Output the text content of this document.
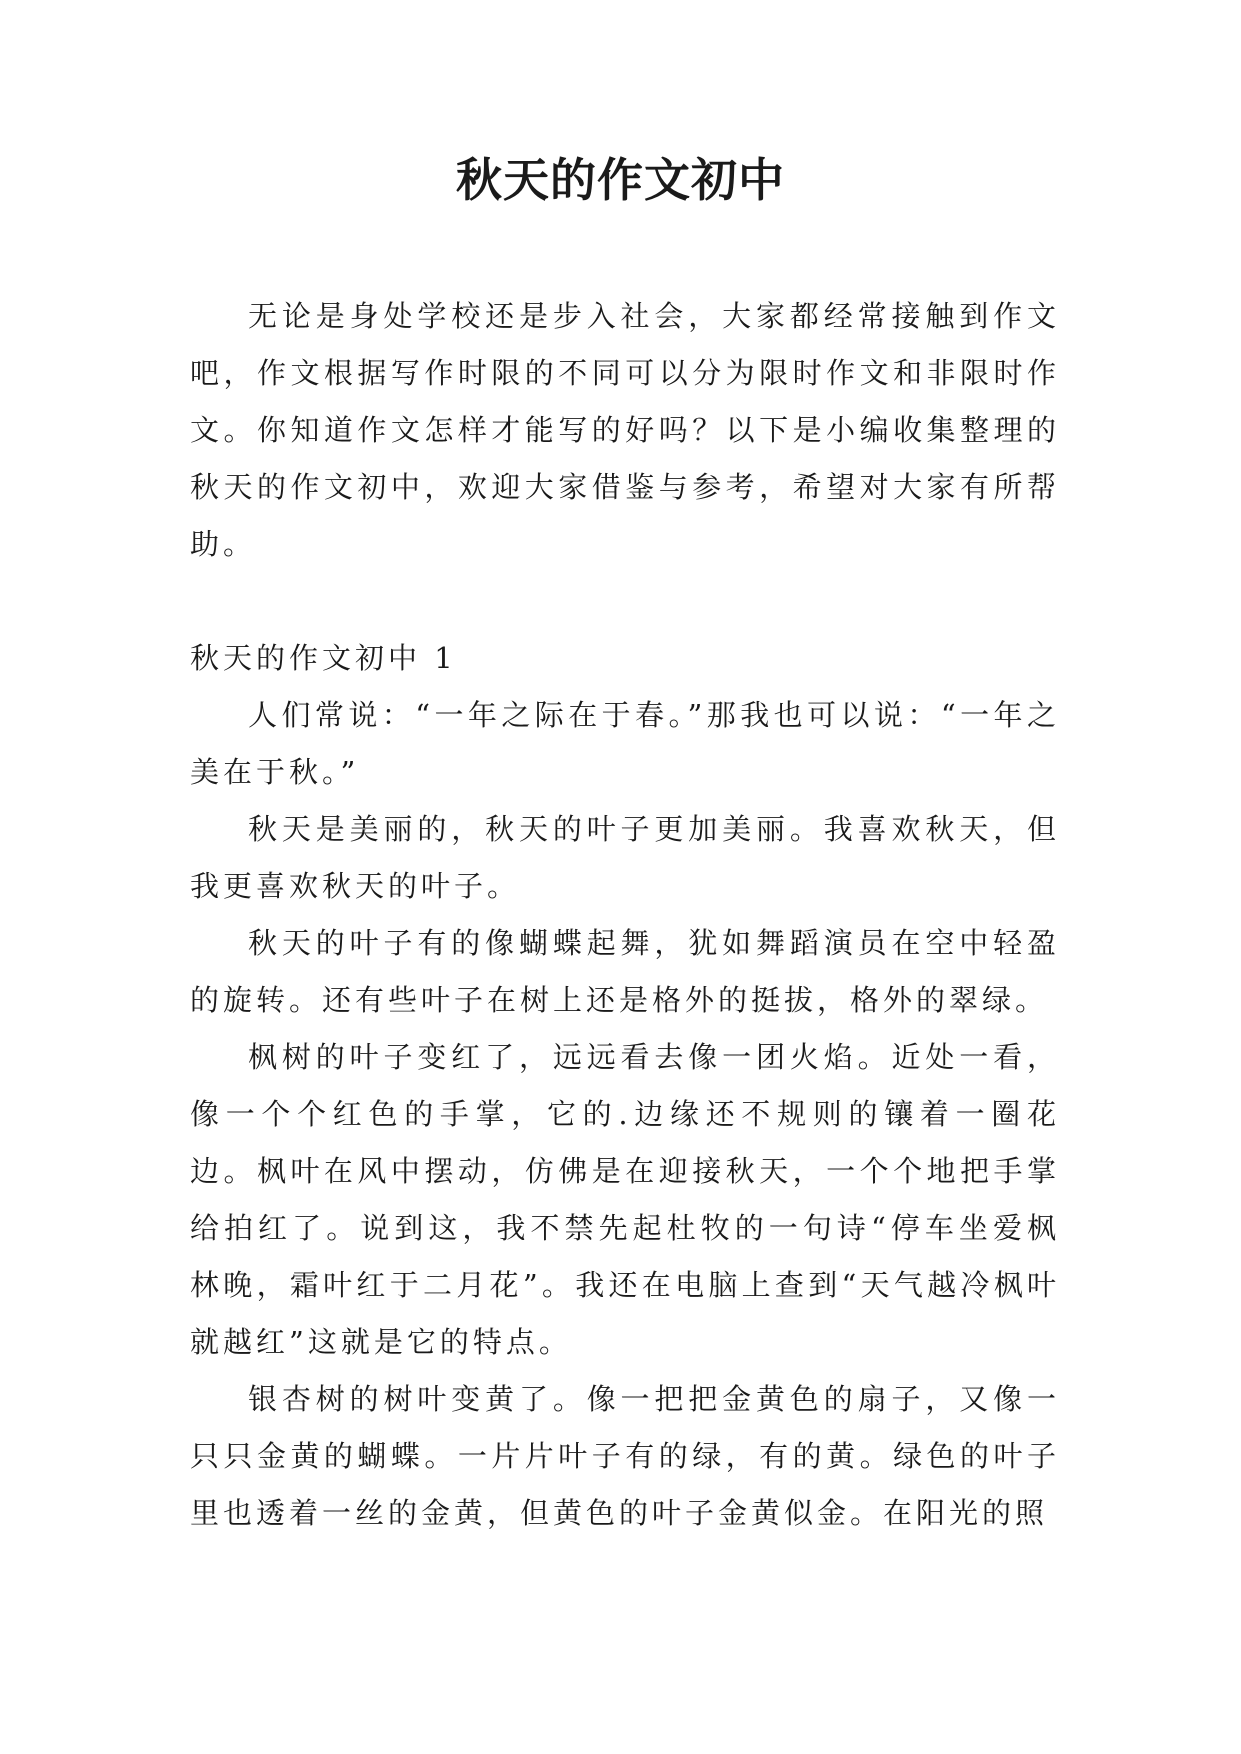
秋天的作文初中

无论是身处学校还是步入社会，大家都经常接触到作文吧，作文根据写作时限的不同可以分为限时作文和非限时作文。你知道作文怎样才能写的好吗？以下是小编收集整理的秋天的作文初中，欢迎大家借鉴与参考，希望对大家有所帮助。

秋天的作文初中 1

人们常说：“一年之际在于春。”那我也可以说：“一年之美在于秋。”

秋天是美丽的，秋天的叶子更加美丽。我喜欢秋天，但我更喜欢秋天的叶子。

秋天的叶子有的像蝴蝶起舞，犹如舞蹈演员在空中轻盈的旋转。还有些叶子在树上还是格外的挺拔，格外的翠绿。

枫树的叶子变红了，远远看去像一团火焰。近处一看，像一个个红色的手掌，它的.边缘还不规则的镶着一圈花边。枫叶在风中摆动，仿佛是在迎接秋天，一个个地把手掌给拍红了。说到这，我不禁先起杜牧的一句诗“停车坐爱枫林晚，霜叶红于二月花”。我还在电脑上查到“天气越冷枫叶就越红”这就是它的特点。

银杏树的树叶变黄了。像一把把金黄色的扇子，又像一只只金黄的蝴蝶。一片片叶子有的绿，有的黄。绿色的叶子里也透着一丝的金黄，但黄色的叶子金黄似金。在阳光的照
